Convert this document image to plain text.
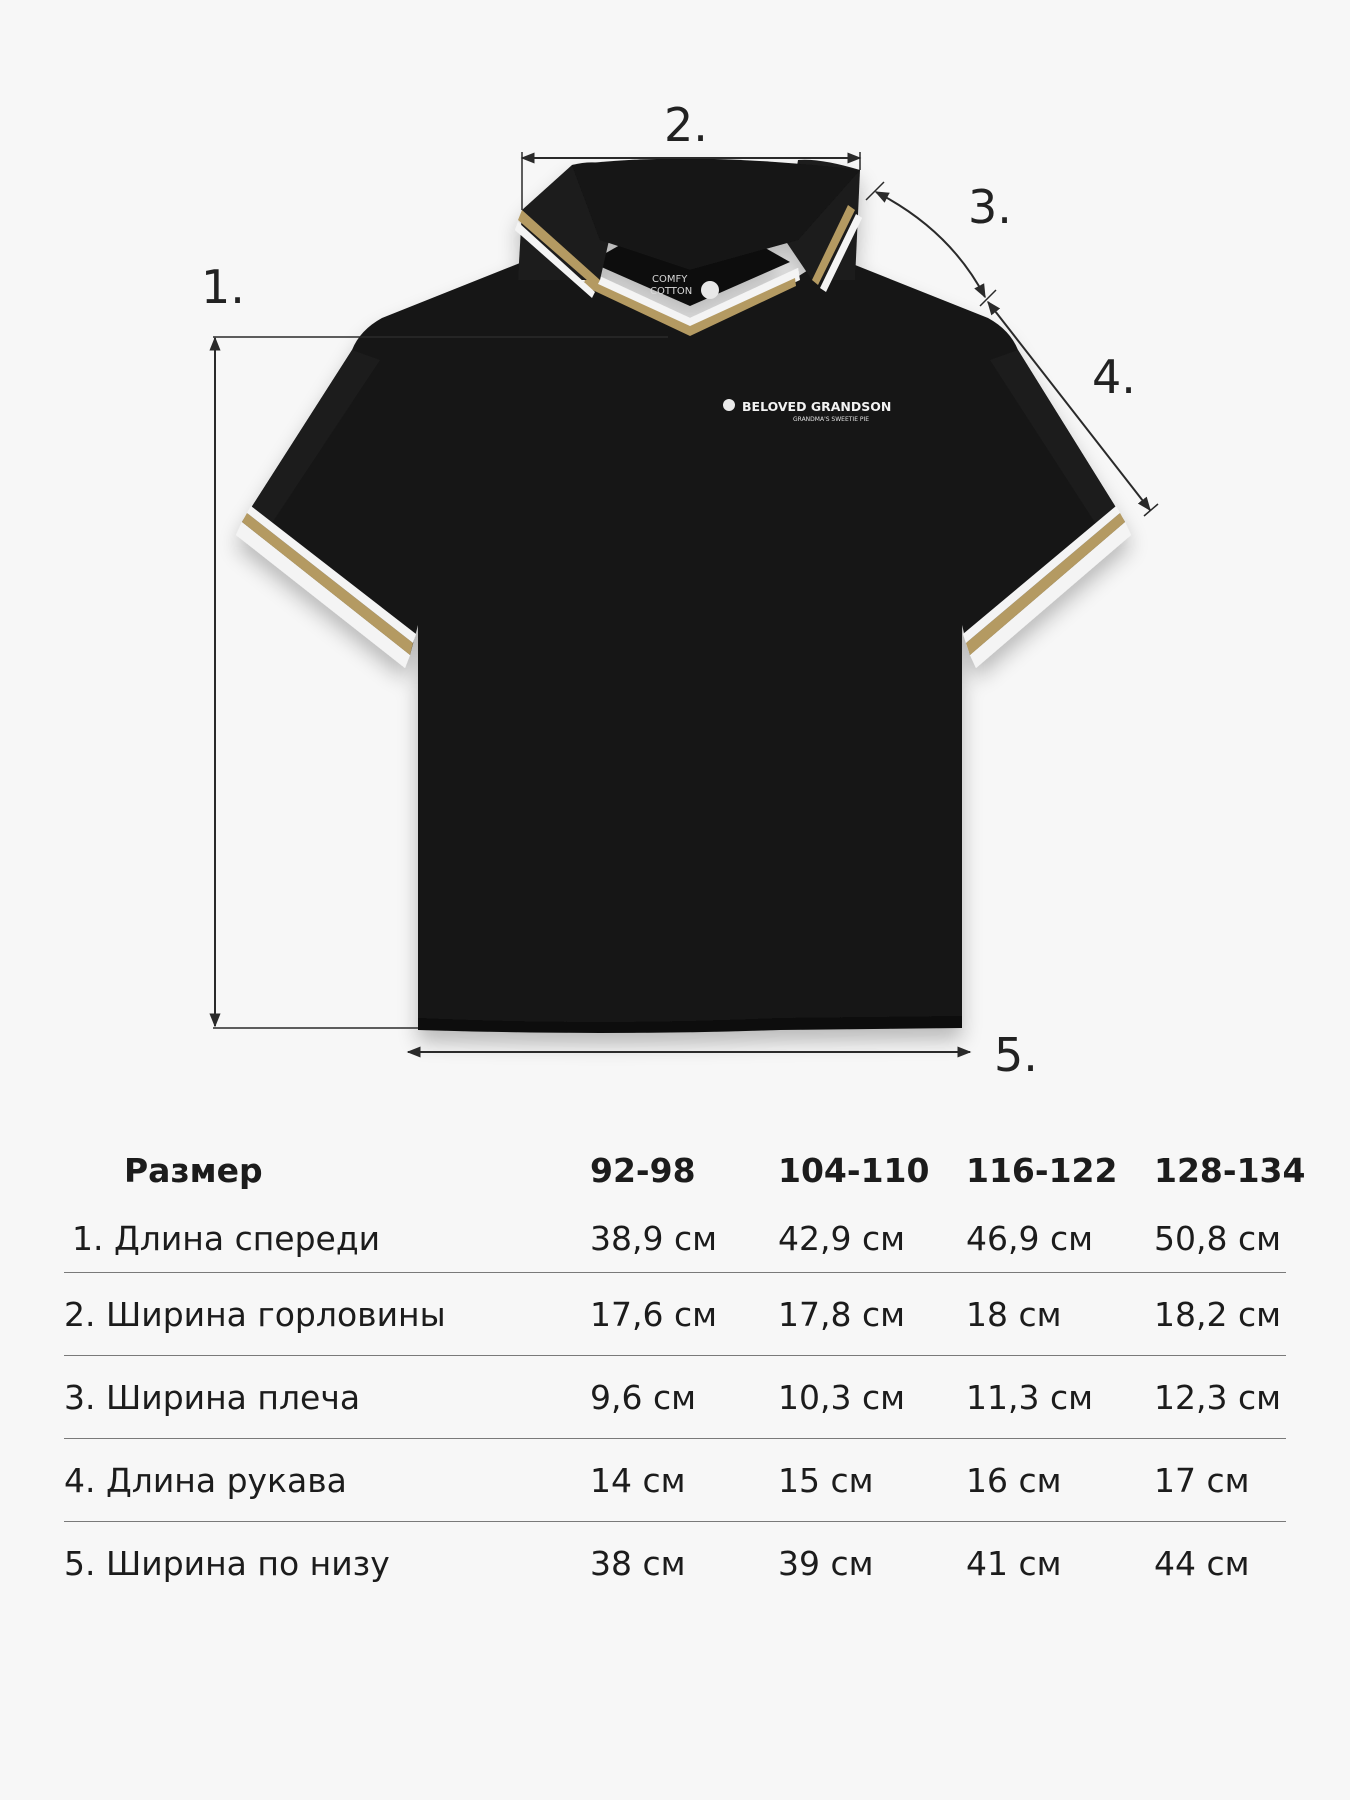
COMFY
COTTON
BELOVED GRANDSON
GRANDMA'S SWEETIE PIE
1.
2.
3.
4.
5.
Размер	92-98	104-110	116-122	128-134
1. Длина спереди	38,9 см	42,9 см	46,9 см	50,8 см
2. Ширина горловины	17,6 см	17,8 см	18 см	18,2 см
3. Ширина плеча	9,6 см	10,3 см	11,3 см	12,3 см
4. Длина рукава	14 см	15 см	16 см	17 см
5. Ширина по низу	38 см	39 см	41 см	44 см
